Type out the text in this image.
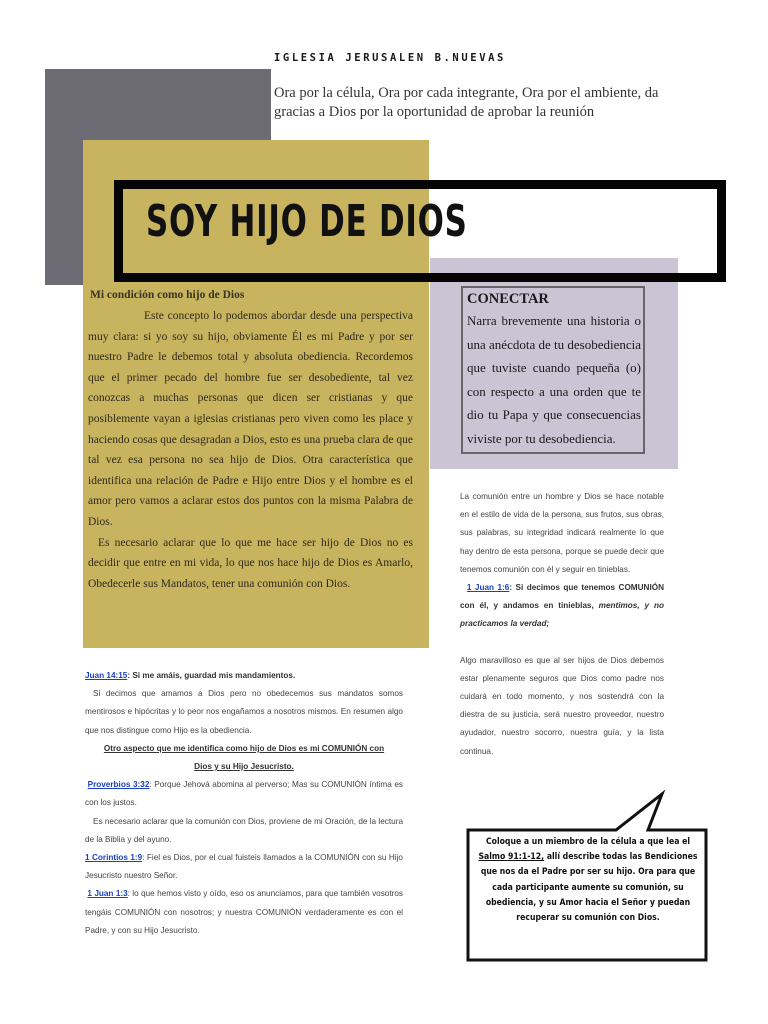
IGLESIA JERUSALEN B.NUEVAS
Ora por la célula, Ora por cada integrante, Ora por el ambiente, da gracias a Dios por la oportunidad de aprobar la reunión
SOY HIJO DE DIOS
Mi condición como hijo de Dios

Este concepto lo podemos abordar desde una perspectiva muy clara: si yo soy su hijo, obviamente Él es mi Padre y por ser nuestro Padre le debemos total y absoluta obediencia. Recordemos que el primer pecado del hombre fue ser desobediente, tal vez conozcas a muchas personas que dicen ser cristianas y que posiblemente vayan a iglesias cristianas pero viven como les place y haciendo cosas que desagradan a Dios, esto es una prueba clara de que tal vez esa persona no sea hijo de Dios. Otra característica que identifica una relación de Padre e Hijo entre Dios y el hombre es el amor pero vamos a aclarar estos dos puntos con la misma Palabra de Dios.

Es necesario aclarar que lo que me hace ser hijo de Dios no es decidir que entre en mi vida, lo que nos hace hijo de Dios es Amarlo, Obedecerle sus Mandatos, tener una comunión con Dios.

CONECTAR
Narra brevemente una historia o una anécdota de tu desobediencia que tuviste cuando pequeña (o) con respecto a una orden que te dio tu Papa y que consecuencias viviste por tu desobediencia.

La comunión entre un hombre y Dios se hace notable en el estilo de vida de la persona, sus frutos, sus obras, sus palabras, su integridad indicará realmente lo que hay dentro de esta persona, porque se puede decir que tenemos comunión con él y seguir en tinieblas.

1 Juan 1:6: Si decimos que tenemos COMUNIÓN con él, y andamos en tinieblas, mentimos, y no practicamos la verdad;

Algo maravilloso es que al ser hijos de Dios debemos estar plenamente seguros que Dios como padre nos cuidará en todo momento, y nos sostendrá con la diestra de su justicia, será nuestro proveedor, nuestro ayudador, nuestro socorro, nuestra guía, y la lista continua.

Juan 14:15: Si me amáis, guardad mis mandamientos.

Si decimos que amamos a Dios pero no obedecemos sus mandatos somos mentirosos e hipócritas y lo peor nos engañamos a nosotros mismos. En resumen algo que nos distingue como Hijo es la obediencia.

Otro aspecto que me identifica como hijo de Dios es mi COMUNIÓN con Dios y su Hijo Jesucristo.

Proverbios 3:32: Porque Jehová abomina al perverso; Mas su COMUNIÓN íntima es con los justos.

Es necesario aclarar que la comunión con Dios, proviene de mi Oración, de la lectura de la Biblia y del ayuno.

1 Corintios 1:9: Fiel es Dios, por el cual fuisteis llamados a la COMUNIÓN con su Hijo Jesucristo nuestro Señor.

1 Juan 1:3: lo que hemos visto y oído, eso os anunciamos, para que también vosotros tengáis COMUNIÓN con nosotros; y nuestra COMUNIÓN verdaderamente es con el Padre, y con su Hijo Jesucristo.

Coloque a un miembro de la célula a que lea el Salmo 91:1-12, allí describe todas las Bendiciones que nos da el Padre por ser su hijo. Ora para que cada participante aumente su comunión, su obediencia, y su Amor hacia el Señor y puedan recuperar su comunión con Dios.
